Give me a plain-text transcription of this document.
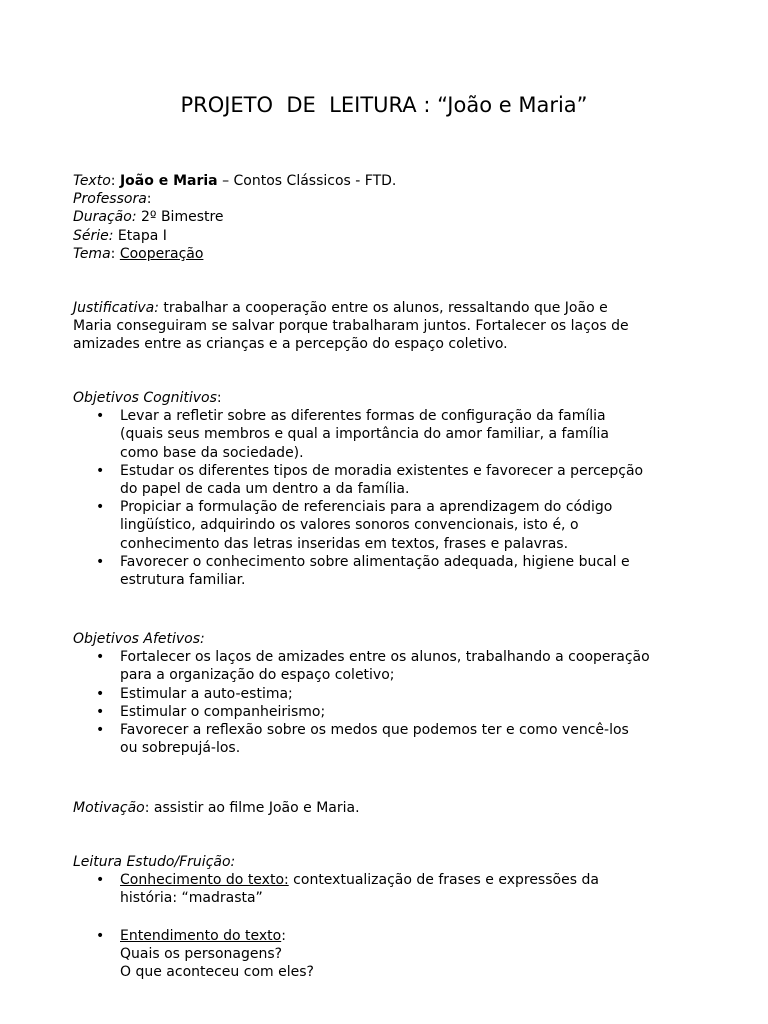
PROJETO  DE  LEITURA : “João e Maria”
Texto: João e Maria – Contos Clássicos - FTD.
Professora:
Duração: 2º Bimestre
Série: Etapa I
Tema: Cooperação
Justificativa: trabalhar a cooperação entre os alunos, ressaltando que João e
Maria conseguiram se salvar porque trabalharam juntos. Fortalecer os laços de
amizades entre as crianças e a percepção do espaço coletivo.
Objetivos Cognitivos:
• Levar a refletir sobre as diferentes formas de configuração da família
(quais seus membros e qual a importância do amor familiar, a família
como base da sociedade).
• Estudar os diferentes tipos de moradia existentes e favorecer a percepção
do papel de cada um dentro a da família.
• Propiciar a formulação de referenciais para a aprendizagem do código
lingüístico, adquirindo os valores sonoros convencionais, isto é, o
conhecimento das letras inseridas em textos, frases e palavras.
• Favorecer o conhecimento sobre alimentação adequada, higiene bucal e
estrutura familiar.
Objetivos Afetivos:
• Fortalecer os laços de amizades entre os alunos, trabalhando a cooperação
para a organização do espaço coletivo;
• Estimular a auto-estima;
• Estimular o companheirismo;
• Favorecer a reflexão sobre os medos que podemos ter e como vencê-los
ou sobrepujá-los.
Motivação: assistir ao filme João e Maria.
Leitura Estudo/Fruição:
• Conhecimento do texto: contextualização de frases e expressões da
história: “madrasta”
• Entendimento do texto:
Quais os personagens?
O que aconteceu com eles?
